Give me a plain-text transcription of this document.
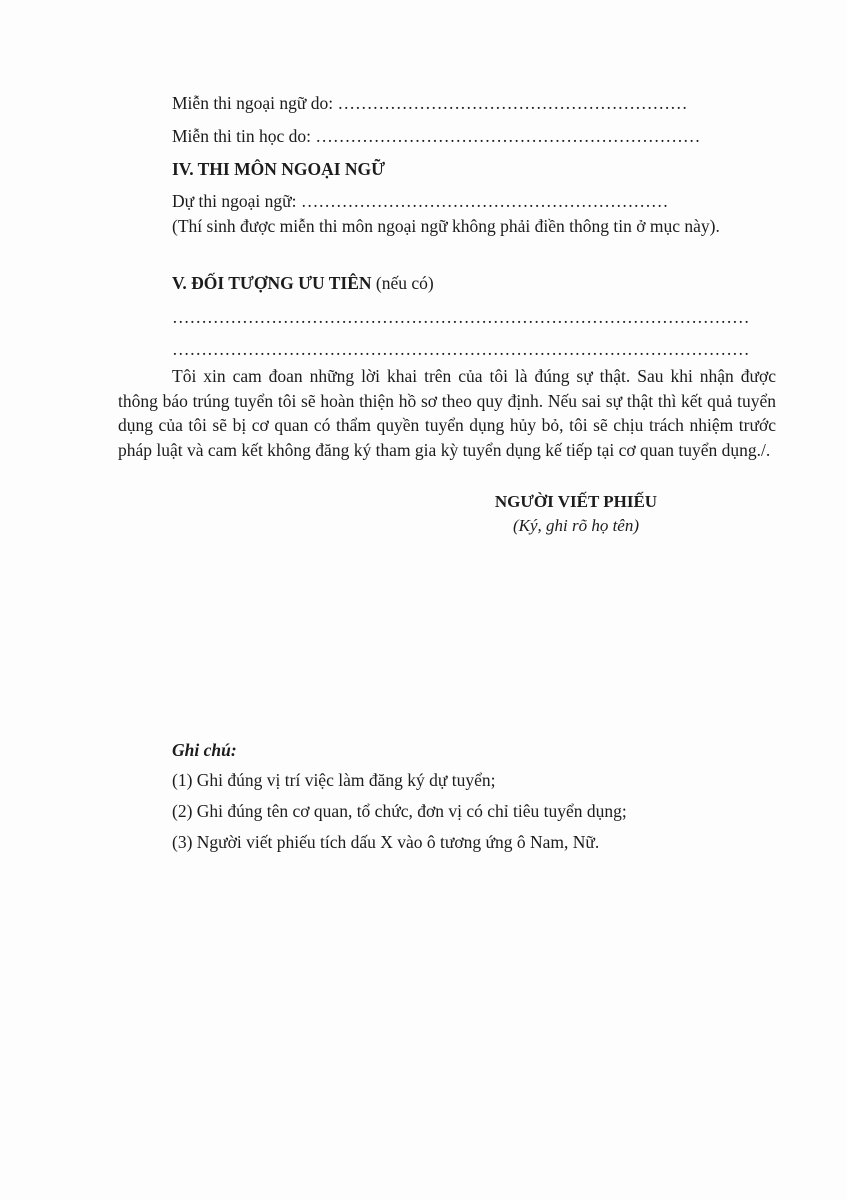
Miễn thi ngoại ngữ do: ……………………………………………………
Miễn thi tin học do: …………………………………………………………
IV. THI MÔN NGOẠI NGỮ
Dự thi ngoại ngữ: ………………………………………………………

(Thí sinh được miễn thi môn ngoại ngữ không phải điền thông tin ở mục này).

V. ĐỐI TƯỢNG ƯU TIÊN (nếu có)
………………………………………………………………………………………
………………………………………………………………………………………

Tôi xin cam đoan những lời khai trên của tôi là đúng sự thật. Sau khi nhận được thông báo trúng tuyển tôi sẽ hoàn thiện hồ sơ theo quy định. Nếu sai sự thật thì kết quả tuyển dụng của tôi sẽ bị cơ quan có thẩm quyền tuyển dụng hủy bỏ, tôi sẽ chịu trách nhiệm trước pháp luật và cam kết không đăng ký tham gia kỳ tuyển dụng kế tiếp tại cơ quan tuyển dụng./.

NGƯỜI VIẾT PHIẾU
(Ký, ghi rõ họ tên)
Ghi chú:
(1) Ghi đúng vị trí việc làm đăng ký dự tuyển;
(2) Ghi đúng tên cơ quan, tổ chức, đơn vị có chỉ tiêu tuyển dụng;
(3) Người viết phiếu tích dấu X vào ô tương ứng ô Nam, Nữ.
